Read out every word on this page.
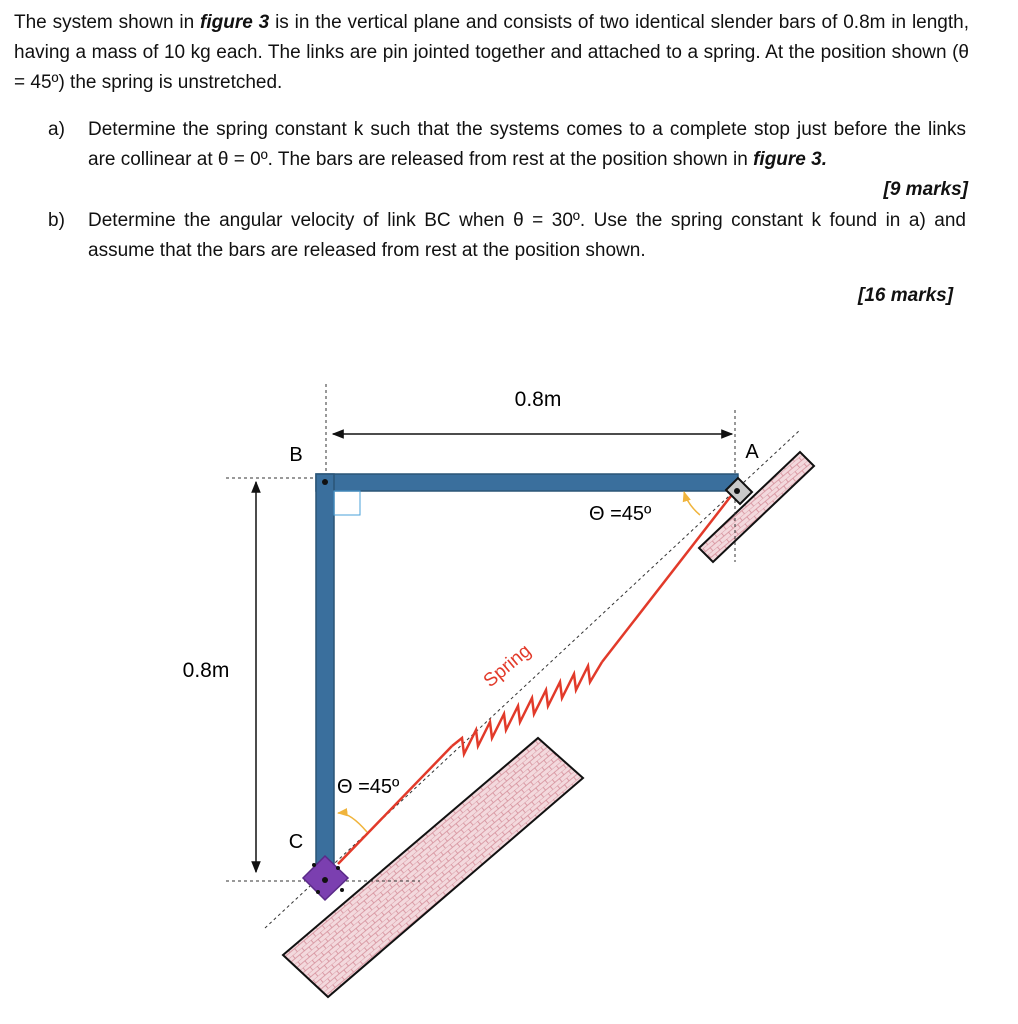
The system shown in figure 3 is in the vertical plane and consists of two identical slender bars of 0.8m in length, having a mass of 10 kg each. The links are pin jointed together and attached to a spring. At the position shown (θ = 45º) the spring is unstretched.
a) Determine the spring constant k such that the systems comes to a complete stop just before the links are collinear at θ = 0º. The bars are released from rest at the position shown in figure 3.
[9 marks]
b) Determine the angular velocity of link BC when θ = 30º. Use the spring constant k found in a) and assume that the bars are released from rest at the position shown.
[16 marks]
0.8m
0.8m	Spring
B	A
C
Θ =45º
Θ =45º
